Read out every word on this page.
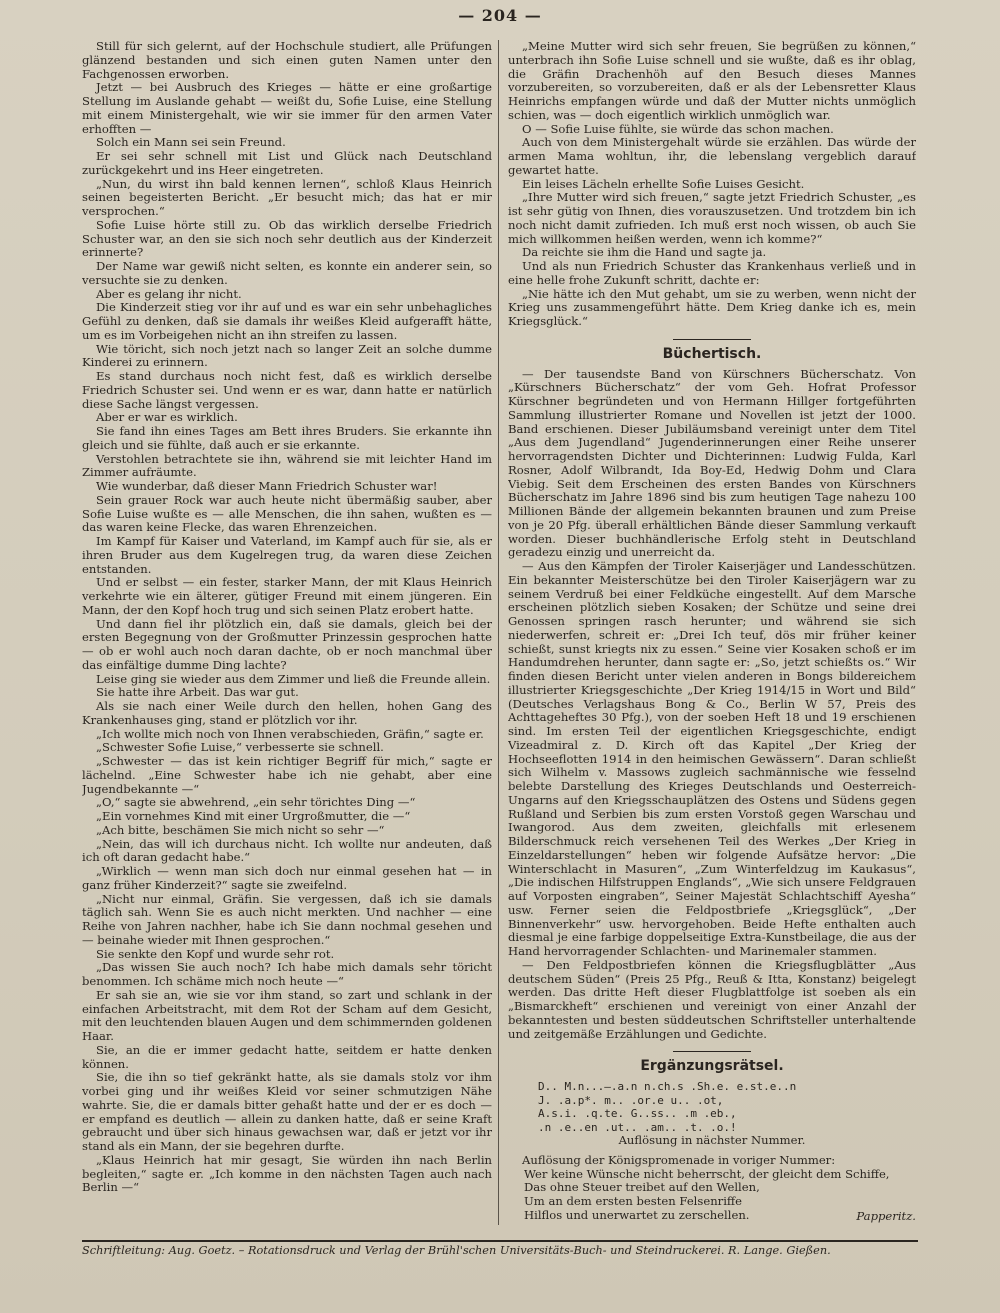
— 204 —

Still für sich gelernt, auf der Hochschule studiert, alle Prüfungen glänzend bestanden und sich einen guten Namen unter den Fachgenossen erworben.

Jetzt — bei Ausbruch des Krieges — hätte er eine großartige Stellung im Auslande gehabt — weißt du, Sofie Luise, eine Stellung mit einem Ministergehalt, wie wir sie immer für den armen Vater erhofften —

Solch ein Mann sei sein Freund.

Er sei sehr schnell mit List und Glück nach Deutschland zurückgekehrt und ins Heer eingetreten.

„Nun, du wirst ihn bald kennen lernen“, schloß Klaus Heinrich seinen begeisterten Bericht. „Er besucht mich; das hat er mir versprochen.“

Sofie Luise hörte still zu. Ob das wirklich derselbe Friedrich Schuster war, an den sie sich noch sehr deutlich aus der Kinderzeit erinnerte?

Der Name war gewiß nicht selten, es konnte ein anderer sein, so versuchte sie zu denken.

Aber es gelang ihr nicht.

Die Kinderzeit stieg vor ihr auf und es war ein sehr unbehagliches Gefühl zu denken, daß sie damals ihr weißes Kleid aufgerafft hätte, um es im Vorbeigehen nicht an ihn streifen zu lassen.

Wie töricht, sich noch jetzt nach so langer Zeit an solche dumme Kinderei zu erinnern.

Es stand durchaus noch nicht fest, daß es wirklich derselbe Friedrich Schuster sei. Und wenn er es war, dann hatte er natürlich diese Sache längst vergessen.

Aber er war es wirklich.

Sie fand ihn eines Tages am Bett ihres Bruders. Sie erkannte ihn gleich und sie fühlte, daß auch er sie erkannte.

Verstohlen betrachtete sie ihn, während sie mit leichter Hand im Zimmer aufräumte.

Wie wunderbar, daß dieser Mann Friedrich Schuster war!

Sein grauer Rock war auch heute nicht übermäßig sauber, aber Sofie Luise wußte es — alle Menschen, die ihn sahen, wußten es — das waren keine Flecke, das waren Ehrenzeichen.

Im Kampf für Kaiser und Vaterland, im Kampf auch für sie, als er ihren Bruder aus dem Kugelregen trug, da waren diese Zeichen entstanden.

Und er selbst — ein fester, starker Mann, der mit Klaus Heinrich verkehrte wie ein älterer, gütiger Freund mit einem jüngeren. Ein Mann, der den Kopf hoch trug und sich seinen Platz erobert hatte.

Und dann fiel ihr plötzlich ein, daß sie damals, gleich bei der ersten Begegnung von der Großmutter Prinzessin gesprochen hatte — ob er wohl auch noch daran dachte, ob er noch manchmal über das einfältige dumme Ding lachte?

Leise ging sie wieder aus dem Zimmer und ließ die Freunde allein.

Sie hatte ihre Arbeit. Das war gut.

Als sie nach einer Weile durch den hellen, hohen Gang des Krankenhauses ging, stand er plötzlich vor ihr.

„Ich wollte mich noch von Ihnen verabschieden, Gräfin,“ sagte er.

„Schwester Sofie Luise,“ verbesserte sie schnell.

„Schwester — das ist kein richtiger Begriff für mich,“ sagte er lächelnd. „Eine Schwester habe ich nie gehabt, aber eine Jugendbekannte —“

„O,“ sagte sie abwehrend, „ein sehr törichtes Ding —“

„Ein vornehmes Kind mit einer Urgroßmutter, die —“

„Ach bitte, beschämen Sie mich nicht so sehr —“

„Nein, das will ich durchaus nicht. Ich wollte nur andeuten, daß ich oft daran gedacht habe.“

„Wirklich — wenn man sich doch nur einmal gesehen hat — in ganz früher Kinderzeit?“ sagte sie zweifelnd.

„Nicht nur einmal, Gräfin. Sie vergessen, daß ich sie damals täglich sah. Wenn Sie es auch nicht merkten. Und nachher — eine Reihe von Jahren nachher, habe ich Sie dann nochmal gesehen und — beinahe wieder mit Ihnen gesprochen.“

Sie senkte den Kopf und wurde sehr rot.

„Das wissen Sie auch noch? Ich habe mich damals sehr töricht benommen. Ich schäme mich noch heute —“

Er sah sie an, wie sie vor ihm stand, so zart und schlank in der einfachen Arbeitstracht, mit dem Rot der Scham auf dem Gesicht, mit den leuchtenden blauen Augen und dem schimmernden goldenen Haar.

Sie, an die er immer gedacht hatte, seitdem er hatte denken können.

Sie, die ihn so tief gekränkt hatte, als sie damals stolz vor ihm vorbei ging und ihr weißes Kleid vor seiner schmutzigen Nähe wahrte. Sie, die er damals bitter gehaßt hatte und der er es doch — er empfand es deutlich — allein zu danken hatte, daß er seine Kraft gebraucht und über sich hinaus gewachsen war, daß er jetzt vor ihr stand als ein Mann, der sie begehren durfte.

„Klaus Heinrich hat mir gesagt, Sie würden ihn nach Berlin begleiten,“ sagte er. „Ich komme in den nächsten Tagen auch nach Berlin —“

„Meine Mutter wird sich sehr freuen, Sie begrüßen zu können,“ unterbrach ihn Sofie Luise schnell und sie wußte, daß es ihr oblag, die Gräfin Drachenhöh auf den Besuch dieses Mannes vorzubereiten, so vorzubereiten, daß er als der Lebensretter Klaus Heinrichs empfangen würde und daß der Mutter nichts unmöglich schien, was — doch eigentlich wirklich unmöglich war.

O — Sofie Luise fühlte, sie würde das schon machen.

Auch von dem Ministergehalt würde sie erzählen. Das würde der armen Mama wohltun, ihr, die lebenslang vergeblich darauf gewartet hatte.

Ein leises Lächeln erhellte Sofie Luises Gesicht.

„Ihre Mutter wird sich freuen,“ sagte jetzt Friedrich Schuster, „es ist sehr gütig von Ihnen, dies vorauszusetzen. Und trotzdem bin ich noch nicht damit zufrieden. Ich muß erst noch wissen, ob auch Sie mich willkommen heißen werden, wenn ich komme?“

Da reichte sie ihm die Hand und sagte ja.

Und als nun Friedrich Schuster das Krankenhaus verließ und in eine helle frohe Zukunft schritt, dachte er:

„Nie hätte ich den Mut gehabt, um sie zu werben, wenn nicht der Krieg uns zusammengeführt hätte. Dem Krieg danke ich es, mein Kriegsglück.“

Büchertisch.

— Der tausendste Band von Kürschners Bücherschatz. Von „Kürschners Bücherschatz“ der vom Geh. Hofrat Professor Kürschner begründeten und von Hermann Hillger fortgeführten Sammlung illustrierter Romane und Novellen ist jetzt der 1000. Band erschienen. Dieser Jubiläumsband vereinigt unter dem Titel „Aus dem Jugendland“ Jugenderinnerungen einer Reihe unserer hervorragendsten Dichter und Dichterinnen: Ludwig Fulda, Karl Rosner, Adolf Wilbrandt, Ida Boy-Ed, Hedwig Dohm und Clara Viebig. Seit dem Erscheinen des ersten Bandes von Kürschners Bücherschatz im Jahre 1896 sind bis zum heutigen Tage nahezu 100 Millionen Bände der allgemein bekannten braunen und zum Preise von je 20 Pfg. überall erhältlichen Bände dieser Sammlung verkauft worden. Dieser buchhändlerische Erfolg steht in Deutschland geradezu einzig und unerreicht da.

— Aus den Kämpfen der Tiroler Kaiserjäger und Landesschützen. Ein bekannter Meisterschütze bei den Tiroler Kaiserjägern war zu seinem Verdruß bei einer Feldküche eingestellt. Auf dem Marsche erscheinen plötzlich sieben Kosaken; der Schütze und seine drei Genossen springen rasch herunter; und während sie sich niederwerfen, schreit er: „Drei Ich teuf, dös mir früher keiner schießt, sunst kriegts nix zu essen.“ Seine vier Kosaken schoß er im Handumdrehen herunter, dann sagte er: „So, jetzt schießts os.“ Wir finden diesen Bericht unter vielen anderen in Bongs bildereichem illustrierter Kriegsgeschichte „Der Krieg 1914/15 in Wort und Bild“ (Deutsches Verlagshaus Bong & Co., Berlin W 57, Preis des Achttageheftes 30 Pfg.), von der soeben Heft 18 und 19 erschienen sind. Im ersten Teil der eigentlichen Kriegsgeschichte, endigt Vizeadmiral z. D. Kirch oft das Kapitel „Der Krieg der Hochseeflotten 1914 in den heimischen Gewässern“. Daran schließt sich Wilhelm v. Massows zugleich sachmännische wie fesselnd belebte Darstellung des Krieges Deutschlands und Oesterreich-Ungarns auf den Kriegsschauplätzen des Ostens und Südens gegen Rußland und Serbien bis zum ersten Vorstoß gegen Warschau und Iwangorod. Aus dem zweiten, gleichfalls mit erlesenem Bilderschmuck reich versehenen Teil des Werkes „Der Krieg in Einzeldarstellungen“ heben wir folgende Aufsätze hervor: „Die Winterschlacht in Masuren“, „Zum Winterfeldzug im Kaukasus“, „Die indischen Hilfstruppen Englands“, „Wie sich unsere Feldgrauen auf Vorposten eingraben“, Seiner Majestät Schlachtschiff Ayesha“ usw. Ferner seien die Feldpostbriefe „Kriegsglück“, „Der Binnenverkehr“ usw. hervorgehoben. Beide Hefte enthalten auch diesmal je eine farbige doppelseitige Extra-Kunstbeilage, die aus der Hand hervorragender Schlachten- und Marinemaler stammen.

— Den Feldpostbriefen können die Kriegsflugblätter „Aus deutschem Süden“ (Preis 25 Pfg., Reuß & Itta, Konstanz) beigelegt werden. Das dritte Heft dieser Flugblattfolge ist soeben als ein „Bismarckheft“ erschienen und vereinigt von einer Anzahl der bekanntesten und besten süddeutschen Schriftsteller unterhaltende und zeitgemäße Erzählungen und Gedichte.

Ergänzungsrätsel.
D.. M.n...–.a.n n.ch.s .Sh.e. e.st.e..n
J. .a.p*. m.. .or.e u.. .ot,
A.s.i. .q.te. G..ss.. .m .eb.,
.n .e..en .ut.. .am.. .t. .o.!

Auflösung in nächster Nummer.

Auflösung der Königspromenade in voriger Nummer:

Wer keine Wünsche nicht beherrscht, der gleicht dem Schiffe,
Das ohne Steuer treibet auf den Wellen,
Um an dem ersten besten Felsenriffe
Hilflos und unerwartet zu zerschellen.	Papperitz.
Schriftleitung: Aug. Goetz. – Rotationsdruck und Verlag der Brühl'schen Universitäts-Buch- und Steindruckerei. R. Lange. Gießen.
